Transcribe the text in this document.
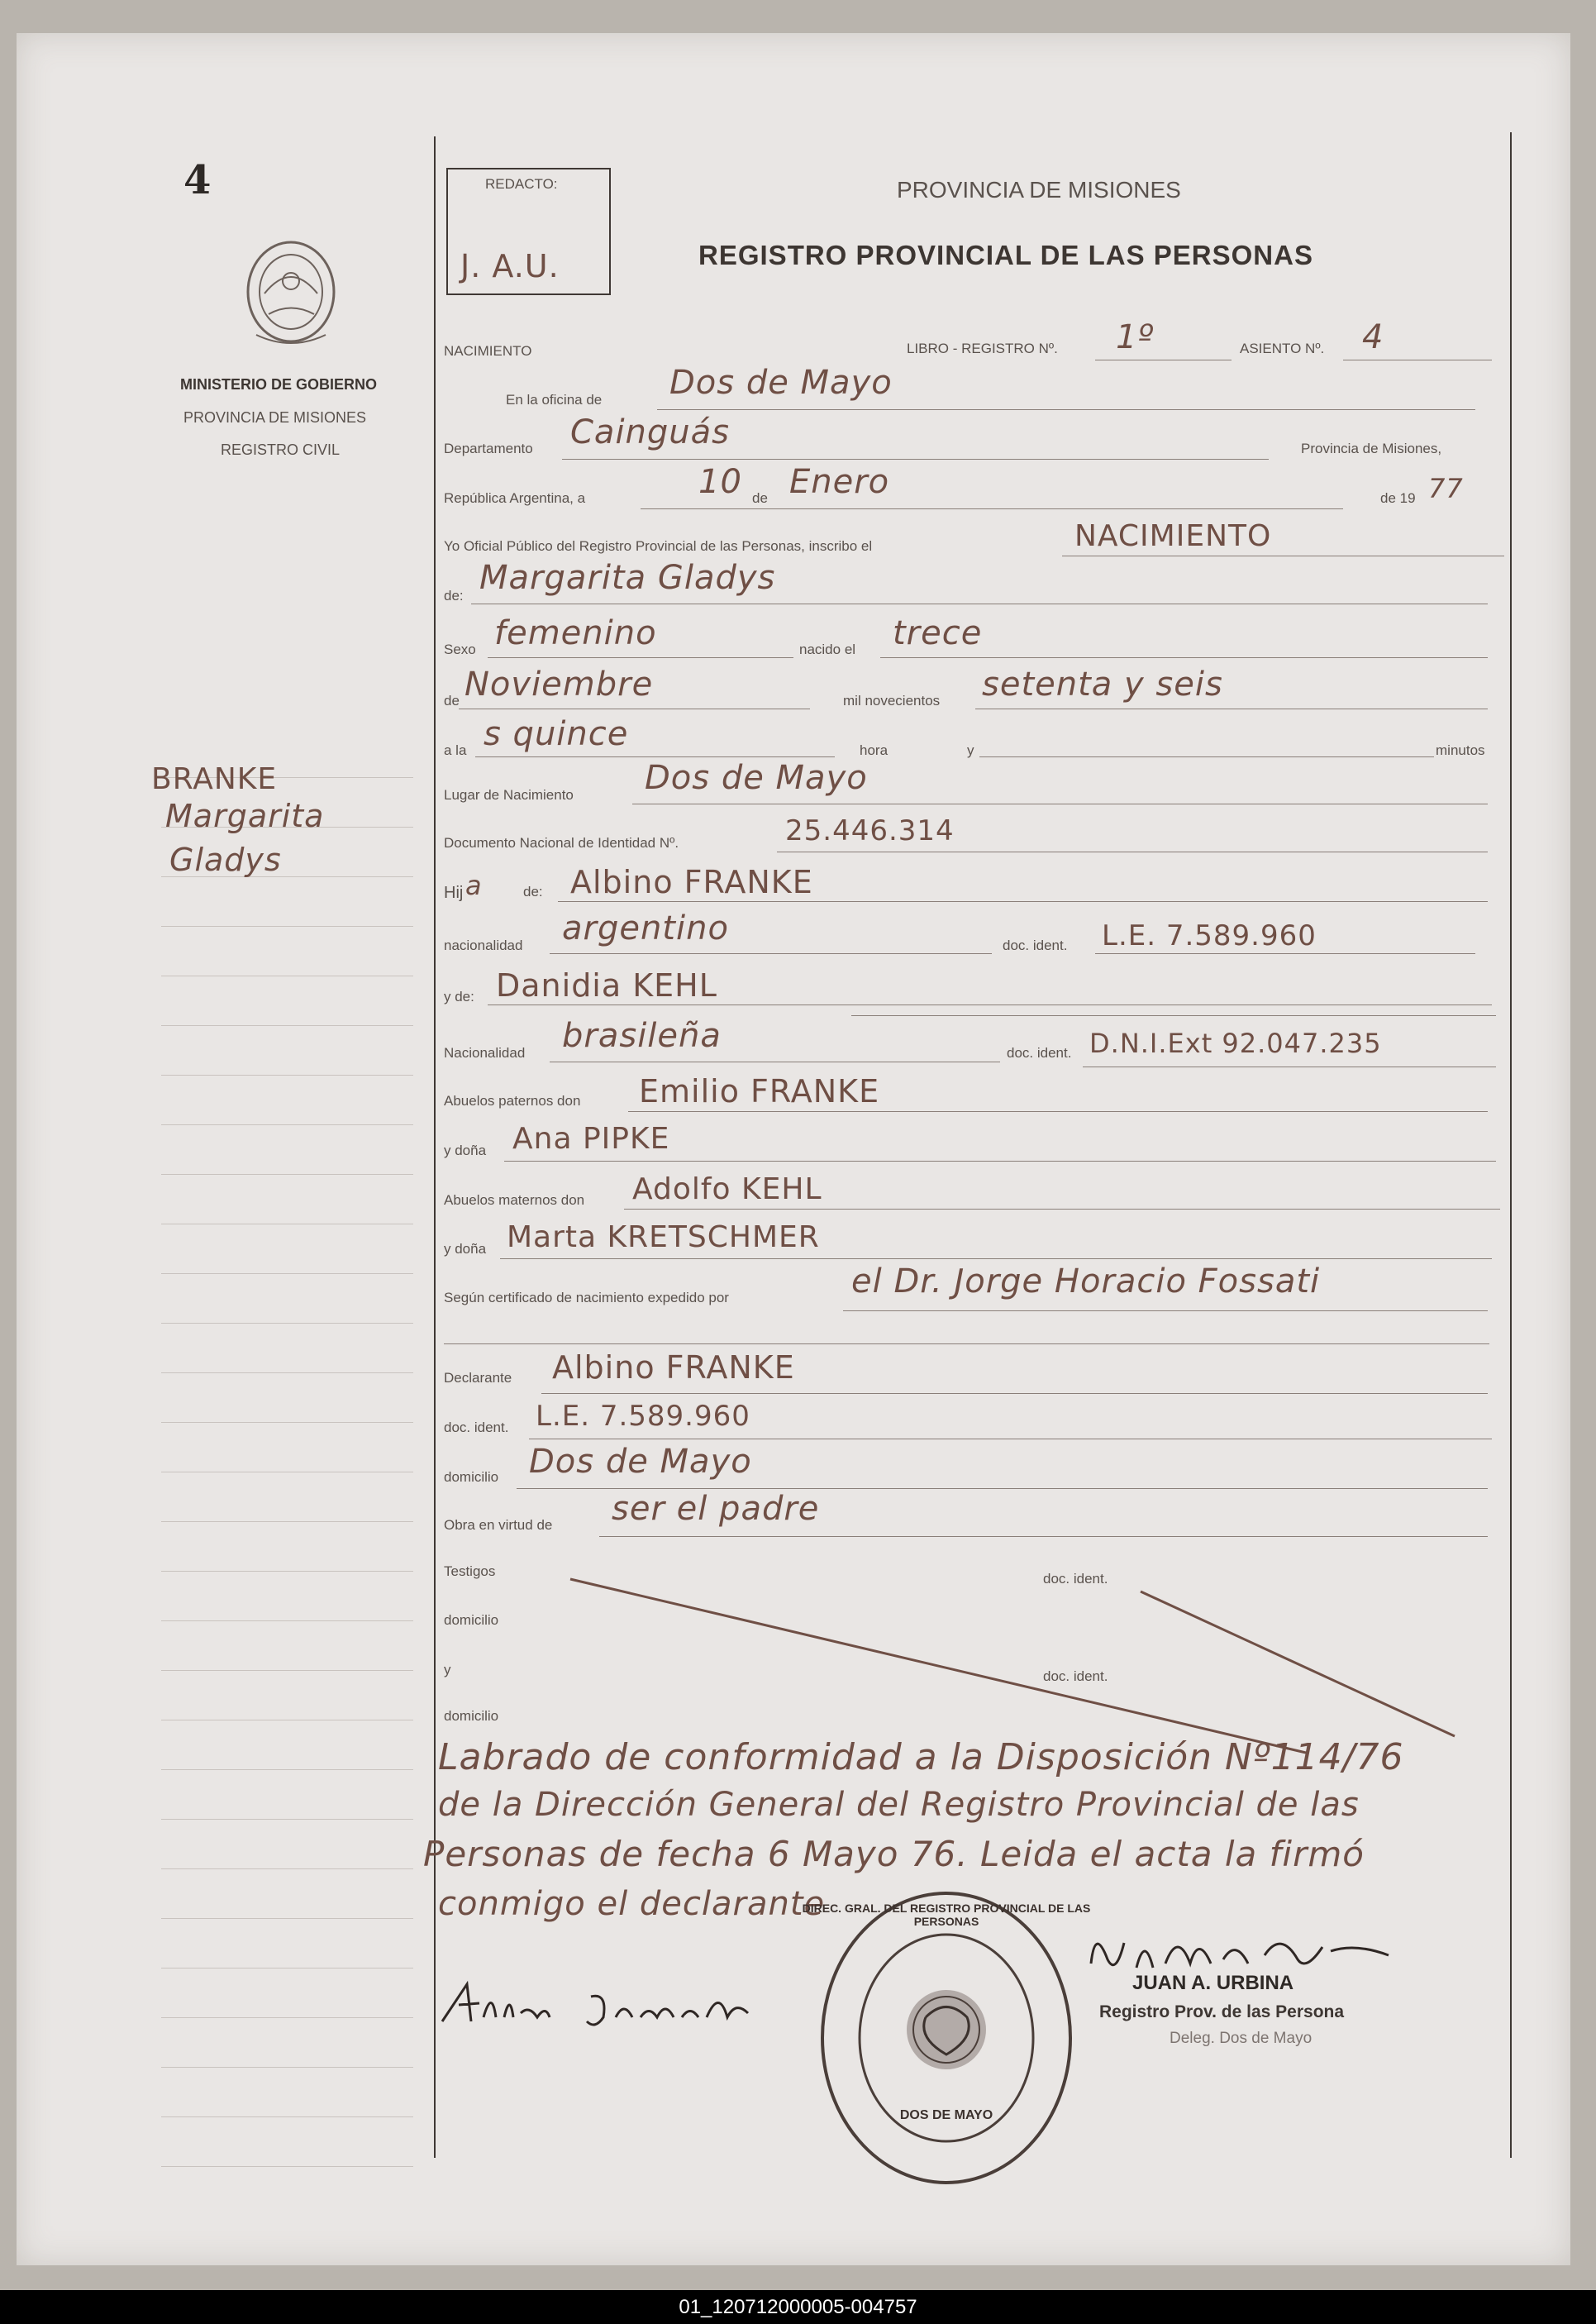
4
MINISTERIO DE GOBIERNO
PROVINCIA DE MISIONES
REGISTRO CIVIL
BRANKE
Margarita
Gladys
REDACTO:
J. A.U.
PROVINCIA DE MISIONES
REGISTRO PROVINCIAL DE LAS PERSONAS
NACIMIENTO	LIBRO - REGISTRO Nº. 1º	ASIENTO Nº. 4
En la oficina de Dos de Mayo
Departamento Cainguás	Provincia de Misiones,
República Argentina, a	10 de Enero	de 19 77
Yo Oficial Público del Registro Provincial de las Personas, inscribo el	NACIMIENTO
de: Margarita Gladys
Sexo femenino	nacido el trece
de Noviembre	mil novecientos setenta y seis
a la s quince	hora	y	minutos
Lugar de Nacimiento Dos de Mayo
Documento Nacional de Identidad Nº.	25.446.314
Hij a	de: Albino FRANKE
nacionalidad argentino	doc. ident. L.E. 7.589.960
y de: Danidia KEHL
Nacionalidad brasileña	doc. ident. D.N.I.Ext 92.047.235
Abuelos paternos don Emilio FRANKE
y doña Ana PIPKE
Abuelos maternos don Adolfo KEHL
y doña Marta KRETSCHMER
Según certificado de nacimiento expedido por	el Dr. Jorge Horacio Fossati
Declarante Albino FRANKE
doc. ident. L.E. 7.589.960
domicilio Dos de Mayo
Obra en virtud de ser el padre
Testigos	doc. ident.
domicilio
y	doc. ident.
domicilio
Labrado de conformidad a la Disposición Nº114/76
de la Dirección General del Registro Provincial de las
Personas de fecha 6 Mayo 76. Leida el acta la firmó
conmigo el declarante
DIREC. GRAL. DEL REGISTRO PROVINCIAL DE LAS PERSONAS
DOS DE MAYO
JUAN A. URBINA
Registro Prov. de las Persona
Deleg. Dos de Mayo
01_120712000005-004757
